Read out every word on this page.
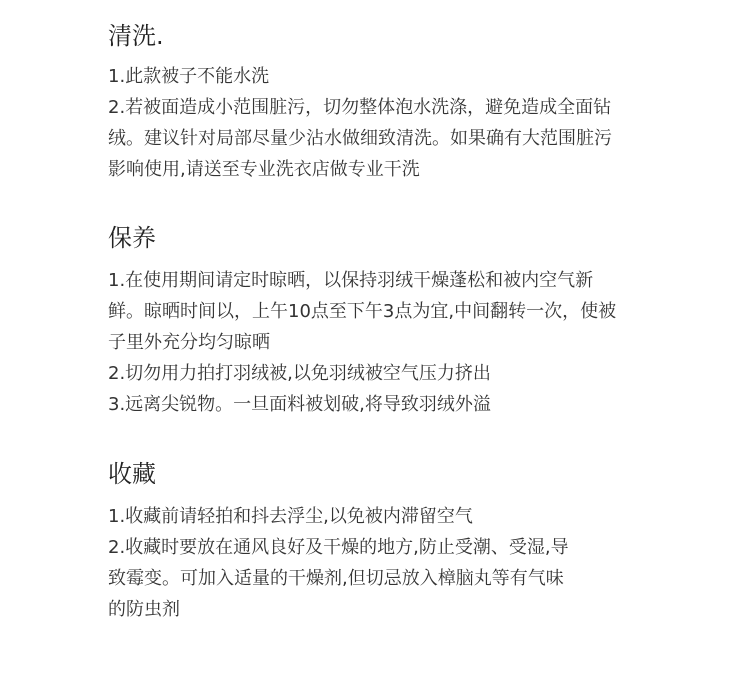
清洗.

1.此款被子不能水洗

2.若被面造成小范围脏污，切勿整体泡水洗涤，避免造成全面钻

绒。建议针对局部尽量少沾水做细致清洗。如果确有大范围脏污

影响使用,请送至专业洗衣店做专业干洗

保养

1.在使用期间请定时晾晒，以保持羽绒干燥蓬松和被内空气新

鲜。晾晒时间以，上午10点至下午3点为宜,中间翻转一次，使被

子里外充分均匀晾晒

2.切勿用力拍打羽绒被,以免羽绒被空气压力挤出

3.远离尖锐物。一旦面料被划破,将导致羽绒外溢

收藏

1.收藏前请轻拍和抖去浮尘,以免被内滞留空气

2.收藏时要放在通风良好及干燥的地方,防止受潮、受湿,导

致霉变。可加入适量的干燥剂,但切忌放入樟脑丸等有气味

的防虫剂
